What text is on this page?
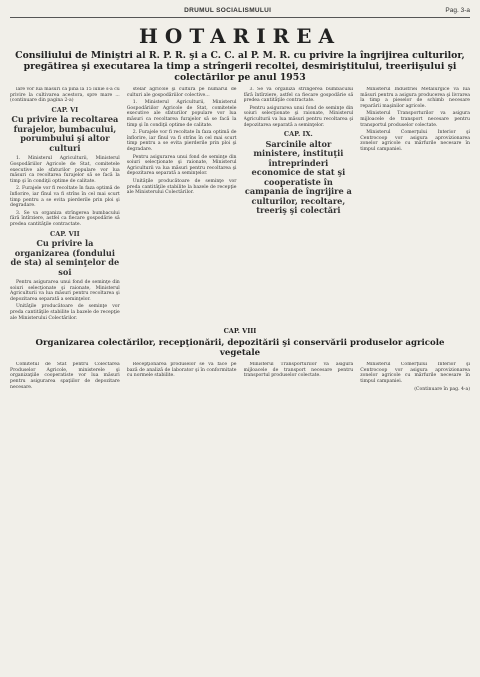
DRUMUL SOCIALISMULUI	Pag. 3-a
HOTARIREA
Consiliului de Miniştri al R. P. R. şi a C. C. al P. M. R. cu privire la îngrijirea culturilor, pregătirea şi executarea la timp a strîngerii recoltei, desmiriştitului, treeriişului şi colectărilor pe anul 1953

lare vor lua măsuri ca pînă la 15 iunie s-a cu privire la cultivarea acestora, spre mare ... (continuare din pagina 2-a)

CAP. VI
Cu privire la recoltarea furajelor, bumbacului, porumbului şi altor culturi

1. Ministerul Agriculturii, Ministerul Gospodăriilor Agricole de Stat, comitetele executive ale sfaturilor populare vor lua măsuri ca recoltarea furajelor să se facă la timp şi în condiţii optime de calitate.

2. Furajele vor fi recoltate în faza optimă de înflorire, iar fînul va fi strîns în cel mai scurt timp pentru a se evita pierderile prin ploi şi degradare.

3. Se va organiza strîngerea bumbacului fără întîrziere, astfel ca fiecare gospodărie să predea cantităţile contractate.

CAP. VII
Cu privire la organizarea (fondului de sta) al seminţelor de soi

Pentru asigurarea unui fond de seminţe din soiuri selecţionate şi raionate, Ministerul Agriculturii va lua măsuri pentru recoltarea şi depozitarea separată a seminţelor.

Unităţile producătoare de seminţe vor preda cantităţile stabilite la bazele de recepţie ale Ministerului Colectărilor.

stelăr agricole şi cultură pe numărul de culturi ale gospodăriilor colective...

1. Ministerul Agriculturii, Ministerul Gospodăriilor Agricole de Stat, comitetele executive ale sfaturilor populare vor lua măsuri ca recoltarea furajelor să se facă la timp şi în condiţii optime de calitate.

2. Furajele vor fi recoltate în faza optimă de înflorire, iar fînul va fi strîns în cel mai scurt timp pentru a se evita pierderile prin ploi şi degradare.

Pentru asigurarea unui fond de seminţe din soiuri selecţionate şi raionate, Ministerul Agriculturii va lua măsuri pentru recoltarea şi depozitarea separată a seminţelor.

Unităţile producătoare de seminţe vor preda cantităţile stabilite la bazele de recepţie ale Ministerului Colectărilor.

3. Se va organiza strîngerea bumbacului fără întîrziere, astfel ca fiecare gospodărie să predea cantităţile contractate.

Pentru asigurarea unui fond de seminţe din soiuri selecţionate şi raionate, Ministerul Agriculturii va lua măsuri pentru recoltarea şi depozitarea separată a seminţelor.

CAP. IX.
Sarcinile altor ministere, instituţii întreprinderi economice de stat şi cooperatiste în campania de îngrijire a culturilor, recoltare, treeriş şi colectări

Ministerul Industriei Metalurgice va lua măsuri pentru a asigura producerea şi livrarea la timp a pieselor de schimb necesare reparării maşinilor agricole.

Ministerul Transporturilor va asigura mijloacele de transport necesare pentru transportul produselor colectate.

Ministerul Comerţului Interior şi Centrocoop vor asigura aprovizionarea zonelor agricole cu mărfurile necesare în timpul campaniei.

CAP. VIII
Organizarea colectărilor, recepţionării, depozitării şi conservării produselor agricole vegetale

Comitetul de Stat pentru Colectarea Produselor Agricole, ministerele şi organizaţiile cooperatiste vor lua măsuri pentru asigurarea spaţiilor de depozitare necesare.

Recepţionarea produselor se va face pe bază de analiză de laborator şi în conformitate cu normele stabilite.

Ministerul Transporturilor va asigura mijloacele de transport necesare pentru transportul produselor colectate.

Ministerul Comerţului Interior şi Centrocoop vor asigura aprovizionarea zonelor agricole cu mărfurile necesare în timpul campaniei.

(Continuare în pag. 4-a)
